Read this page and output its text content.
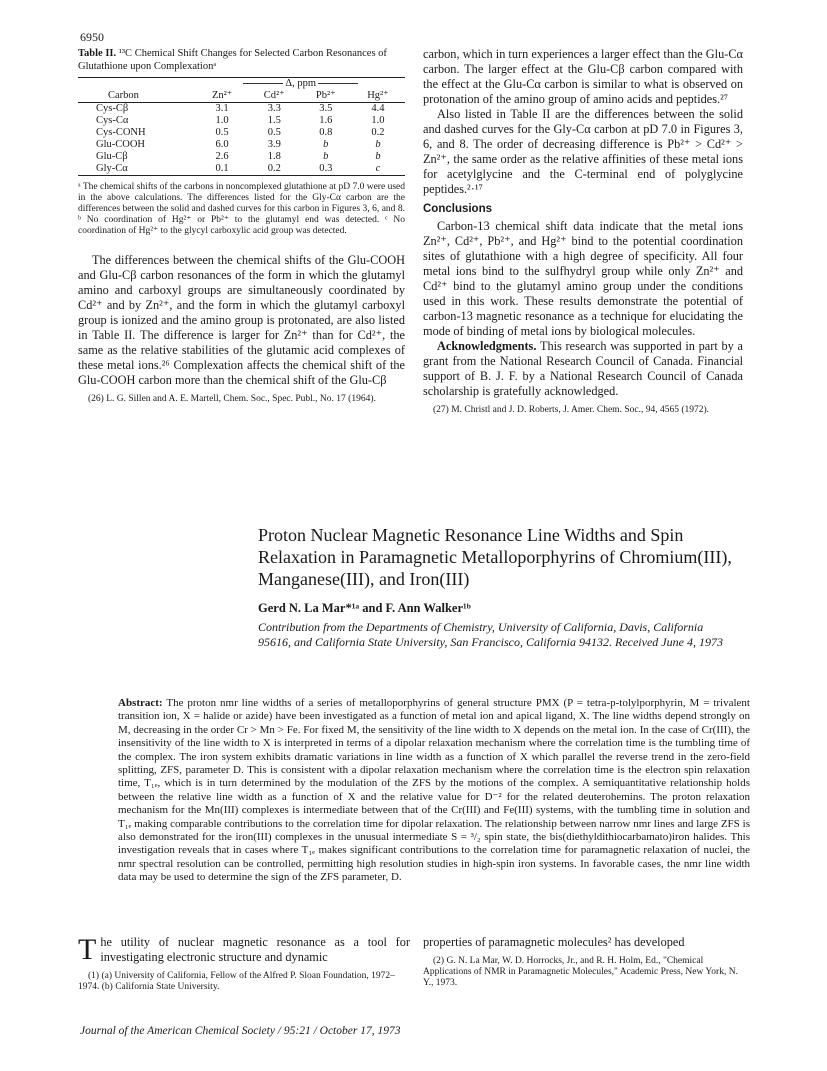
6950
Table II. ¹³C Chemical Shift Changes for Selected Carbon Resonances of Glutathione upon Complexationᵃ
	Δ, ppm			
Carbon	Zn²⁺	Cd²⁺	Pb²⁺	Hg²⁺
Cys-Cβ	3.1	3.3	3.5	4.4
Cys-Cα	1.0	1.5	1.6	1.0
Cys-CONH	0.5	0.5	0.8	0.2
Glu-COOH	6.0	3.9	b	b
Glu-Cβ	2.6	1.8	b	b
Gly-Cα	0.1	0.2	0.3	c
ᵃ The chemical shifts of the carbons in noncomplexed glutathione at pD 7.0 were used in the above calculations. The differences listed for the Gly-Cα carbon are the differences between the solid and dashed curves for this carbon in Figures 3, 6, and 8. ᵇ No coordination of Hg²⁺ or Pb²⁺ to the glutamyl end was detected. ᶜ No coordination of Hg²⁺ to the glycyl carboxylic acid group was detected.

The differences between the chemical shifts of the Glu-COOH and Glu-Cβ carbon resonances of the form in which the glutamyl amino and carboxyl groups are simultaneously coordinated by Cd²⁺ and by Zn²⁺, and the form in which the glutamyl carboxyl group is ionized and the amino group is protonated, are also listed in Table II. The difference is larger for Zn²⁺ than for Cd²⁺, the same as the relative stabilities of the glutamic acid complexes of these metal ions.²⁶ Complexation affects the chemical shift of the Glu-COOH carbon more than the chemical shift of the Glu-Cβ

(26) L. G. Sillen and A. E. Martell, Chem. Soc., Spec. Publ., No. 17 (1964).

carbon, which in turn experiences a larger effect than the Glu-Cα carbon. The larger effect at the Glu-Cβ carbon compared with the effect at the Glu-Cα carbon is similar to what is observed on protonation of the amino group of amino acids and peptides.²⁷

Also listed in Table II are the differences between the solid and dashed curves for the Gly-Cα carbon at pD 7.0 in Figures 3, 6, and 8. The order of decreasing difference is Pb²⁺ > Cd²⁺ > Zn²⁺, the same order as the relative affinities of these metal ions for acetylglycine and the C-terminal end of polyglycine peptides.²·¹⁷

Conclusions

Carbon-13 chemical shift data indicate that the metal ions Zn²⁺, Cd²⁺, Pb²⁺, and Hg²⁺ bind to the potential coordination sites of glutathione with a high degree of specificity. All four metal ions bind to the sulfhydryl group while only Zn²⁺ and Cd²⁺ bind to the glutamyl amino group under the conditions used in this work. These results demonstrate the potential of carbon-13 magnetic resonance as a technique for elucidating the mode of binding of metal ions by biological molecules.

Acknowledgments. This research was supported in part by a grant from the National Research Council of Canada. Financial support of B. J. F. by a National Research Council of Canada scholarship is gratefully acknowledged.

(27) M. Christl and J. D. Roberts, J. Amer. Chem. Soc., 94, 4565 (1972).
Proton Nuclear Magnetic Resonance Line Widths and Spin Relaxation in Paramagnetic Metalloporphyrins of Chromium(III), Manganese(III), and Iron(III)
Gerd N. La Mar*¹ᵃ and F. Ann Walker¹ᵇ
Contribution from the Departments of Chemistry, University of California, Davis, California 95616, and California State University, San Francisco, California 94132. Received June 4, 1973
Abstract: The proton nmr line widths of a series of metalloporphyrins of general structure PMX (P = tetra-p-tolylporphyrin, M = trivalent transition ion, X = halide or azide) have been investigated as a function of metal ion and apical ligand, X. The line widths depend strongly on M, decreasing in the order Cr > Mn > Fe. For fixed M, the sensitivity of the line width to X depends on the metal ion. In the case of Cr(III), the insensitivity of the line width to X is interpreted in terms of a dipolar relaxation mechanism where the correlation time is the tumbling time of the complex. The iron system exhibits dramatic variations in line width as a function of X which parallel the reverse trend in the zero-field splitting, ZFS, parameter D. This is consistent with a dipolar relaxation mechanism where the correlation time is the electron spin relaxation time, T₁ₑ, which is in turn determined by the modulation of the ZFS by the motions of the complex. A semiquantitative relationship holds between the relative line width as a function of X and the relative value for D⁻² for the related deuterohemins. The proton relaxation mechanism for the Mn(III) complexes is intermediate between that of the Cr(III) and Fe(III) systems, with the tumbling time in solution and T₁ₑ making comparable contributions to the correlation time for dipolar relaxation. The relationship between narrow nmr lines and large ZFS is also demonstrated for the iron(III) complexes in the unusual intermediate S = ³/₂ spin state, the bis(diethyldithiocarbamato)iron halides. This investigation reveals that in cases where T₁ₑ makes significant contributions to the correlation time for paramagnetic relaxation of nuclei, the nmr spectral resolution can be controlled, permitting high resolution studies in high-spin iron systems. In favorable cases, the nmr line width data may be used to determine the sign of the ZFS parameter, D.

The utility of nuclear magnetic resonance as a tool for investigating electronic structure and dynamic

(1) (a) University of California, Fellow of the Alfred P. Sloan Foundation, 1972–1974. (b) California State University.

properties of paramagnetic molecules² has developed

(2) G. N. La Mar, W. D. Horrocks, Jr., and R. H. Holm, Ed., "Chemical Applications of NMR in Paramagnetic Molecules," Academic Press, New York, N. Y., 1973.
Journal of the American Chemical Society / 95:21 / October 17, 1973
